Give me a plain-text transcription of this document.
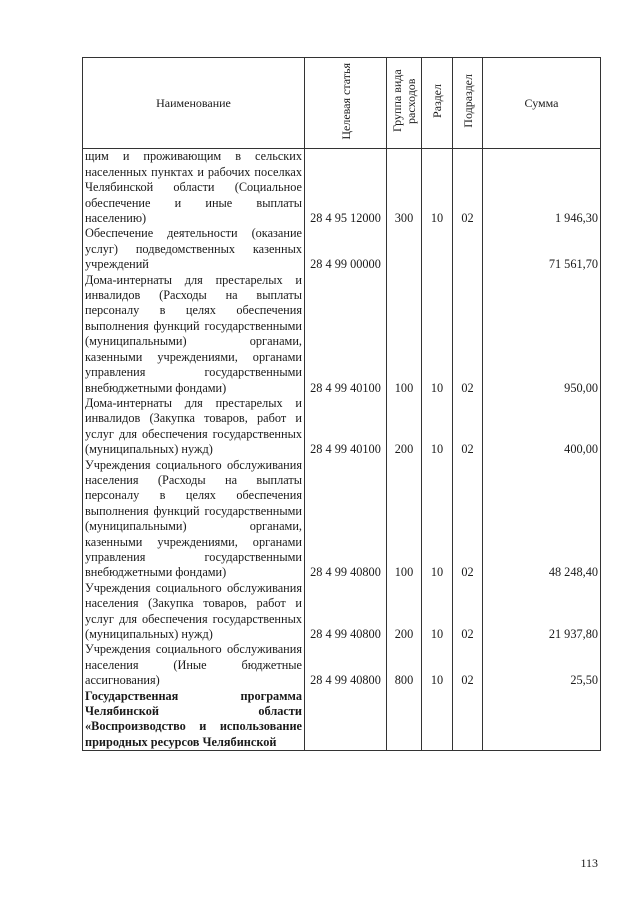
Наименование	Целевая статья	Группа вида расходов	Раздел	Подраздел	Сумма
щим и проживающим в сельских населенных пунктах и рабочих поселках Челябинской области (Социальное обеспечение и иные выплаты населению)	28 4 95 12000	300	10	02	1 946,30
Обеспечение деятельности (оказание услуг) подведомственных казенных учреждений	28 4 99 00000				71 561,70
Дома-интернаты для престарелых и инвалидов (Расходы на выплаты персоналу в целях обеспечения выполнения функций государственными (муниципальными) органами, казенными учреждениями, органами управления государственными внебюджетными фондами)	28 4 99 40100	100	10	02	950,00
Дома-интернаты для престарелых и инвалидов (Закупка товаров, работ и услуг для обеспечения государственных (муниципальных) нужд)	28 4 99 40100	200	10	02	400,00
Учреждения социального обслуживания населения (Расходы на выплаты персоналу в целях обеспечения выполнения функций государственными (муниципальными) органами, казенными учреждениями, органами управления государственными внебюджетными фондами)	28 4 99 40800	100	10	02	48 248,40
Учреждения социального обслуживания населения (Закупка товаров, работ и услуг для обеспечения государственных (муниципальных) нужд)	28 4 99 40800	200	10	02	21 937,80
Учреждения социального обслуживания населения (Иные бюджетные ассигнования)	28 4 99 40800	800	10	02	25,50
Государственная программа Челябинской области «Воспроизводство и использование природных ресурсов Челябинской					
113
